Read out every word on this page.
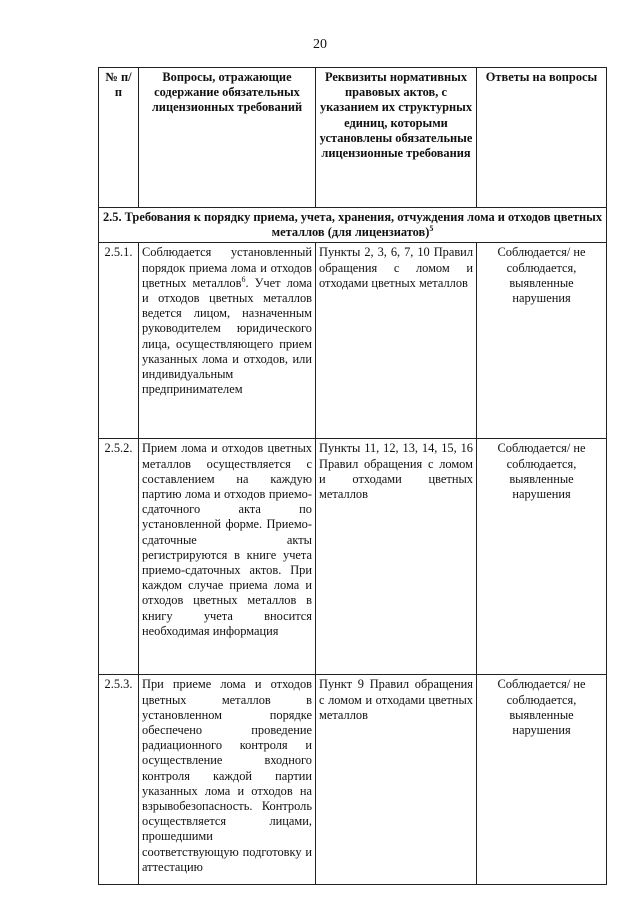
20
№ п/п	Вопросы, отражающие содержание обязательных лицензионных требований	Реквизиты нормативных правовых актов, с указанием их структурных единиц, которыми установлены обязательные лицензионные требования	Ответы на вопросы
2.5. Требования к порядку приема, учета, хранения, отчуждения лома и отходов цветных металлов (для лицензиатов)$^5$
2.5.1.	Соблюдается установленный порядок приема лома и отходов цветных металлов$^6$. Учет лома и отходов цветных металлов ведется лицом, назначенным руководителем юридического лица, осуществляющего прием указанных лома и отходов, или индивидуальным предпринимателем	Пункты 2, 3, 6, 7, 10 Правил обращения с ломом и отходами цветных металлов	Соблюдается/ не соблюдается, выявленные нарушения
2.5.2.	Прием лома и отходов цветных металлов осуществляется с составлением на каждую партию лома и отходов приемо-сдаточного акта по установленной форме. Приемо-сдаточные акты регистрируются в книге учета приемо-сдаточных актов. При каждом случае приема лома и отходов цветных металлов в книгу учета вносится необходимая информация	Пункты 11, 12, 13, 14, 15, 16 Правил обращения с ломом и отходами цветных металлов	Соблюдается/ не соблюдается, выявленные нарушения
2.5.3.	При приеме лома и отходов цветных металлов в установленном порядке обеспечено проведение радиационного контроля и осуществление входного контроля каждой партии указанных лома и отходов на взрывобезопасность. Контроль осуществляется лицами, прошедшими соответствующую подготовку и аттестацию	Пункт 9 Правил обращения с ломом и отходами цветных металлов	Соблюдается/ не соблюдается, выявленные нарушения
